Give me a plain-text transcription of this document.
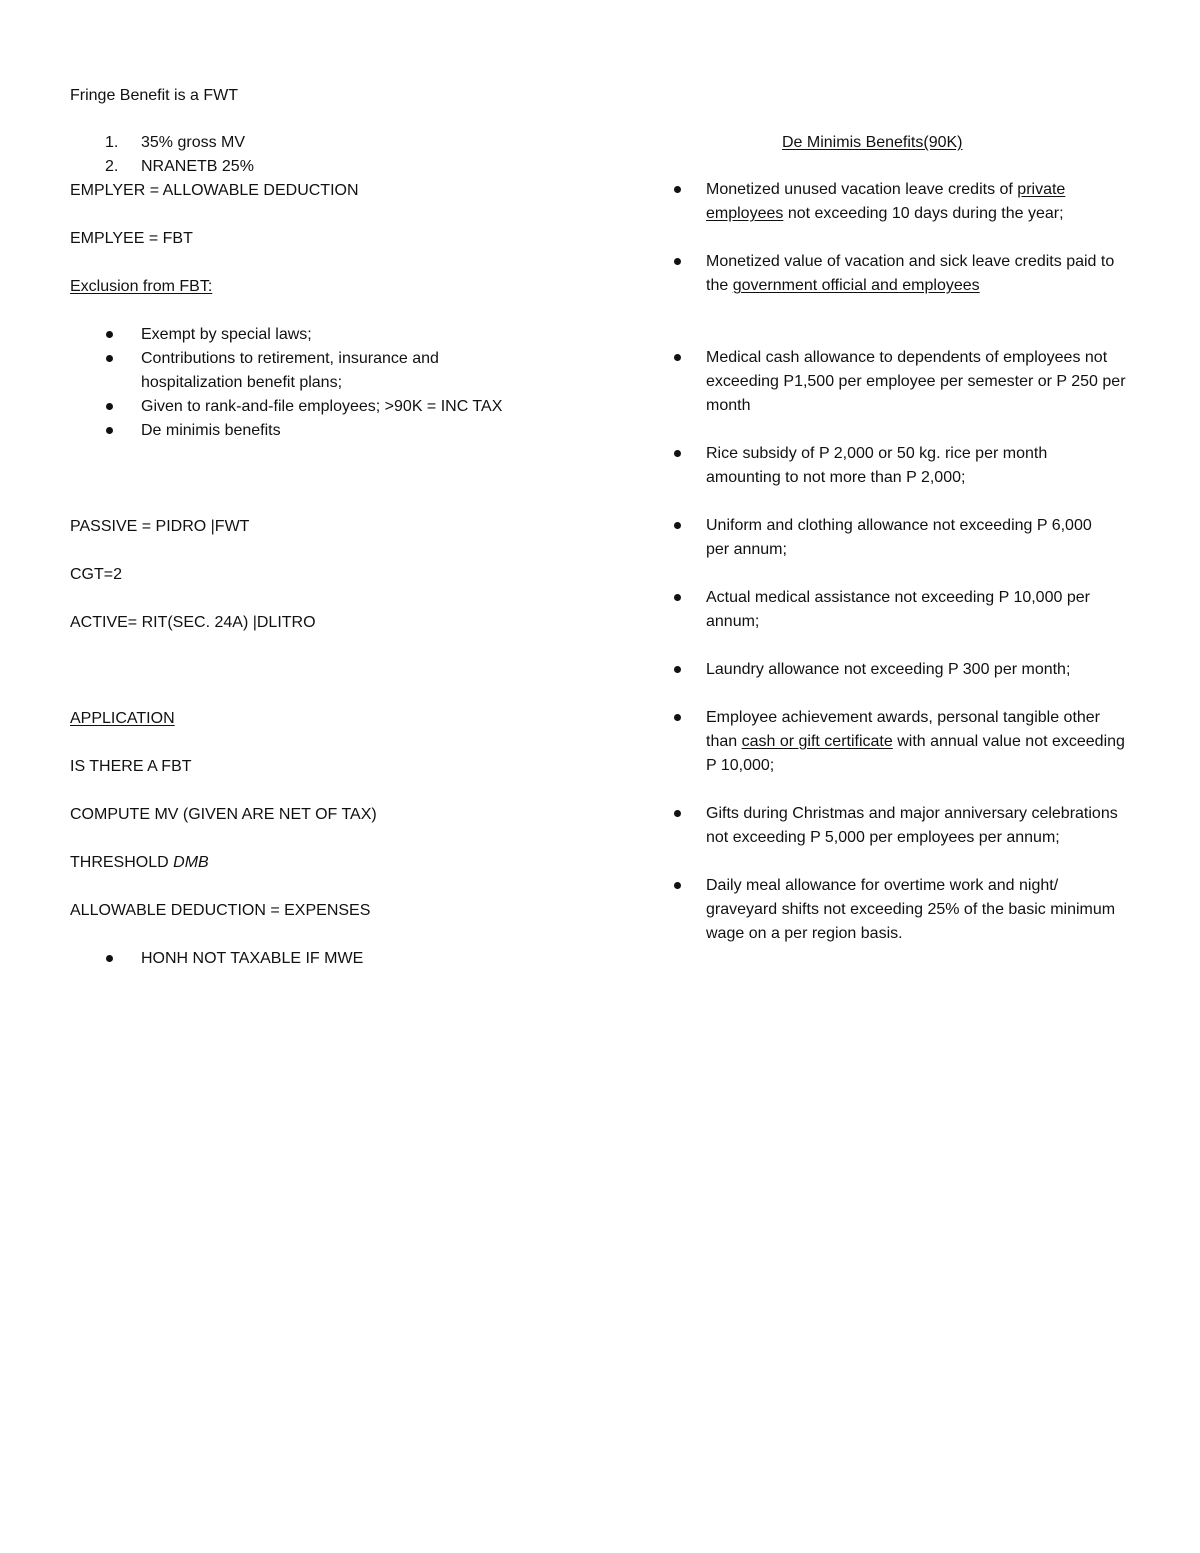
Fringe Benefit is a FWT

1. 35% gross MV
2. NRANETB 25%

EMPLYER = ALLOWABLE DEDUCTION

EMPLYEE = FBT

Exclusion from FBT:

Exempt by special laws;
Contributions to retirement, insurance and hospitalization benefit plans;
Given to rank-and-file employees; >90K = INC TAX
De minimis benefits

PASSIVE = PIDRO |FWT

CGT=2

ACTIVE= RIT(SEC. 24A) |DLITRO

APPLICATION

IS THERE A FBT

COMPUTE MV (GIVEN ARE NET OF TAX)

THRESHOLD DMB

ALLOWABLE DEDUCTION = EXPENSES

HONH NOT TAXABLE IF MWE
De Minimis Benefits(90K)
Monetized unused vacation leave credits of private employees not exceeding 10 days during the year;
Monetized value of vacation and sick leave credits paid to the government official and employees
Medical cash allowance to dependents of employees not exceeding P1,500 per employee per semester or P 250 per month
Rice subsidy of P 2,000 or 50 kg. rice per month amounting to not more than P 2,000;
Uniform and clothing allowance not exceeding P 6,000 per annum;
Actual medical assistance not exceeding P 10,000 per annum;
Laundry allowance not exceeding P 300 per month;
Employee achievement awards, personal tangible other than cash or gift certificate with annual value not exceeding P 10,000;
Gifts during Christmas and major anniversary celebrations not exceeding P 5,000 per employees per annum;
Daily meal allowance for overtime work and night/ graveyard shifts not exceeding 25% of the basic minimum wage on a per region basis.
